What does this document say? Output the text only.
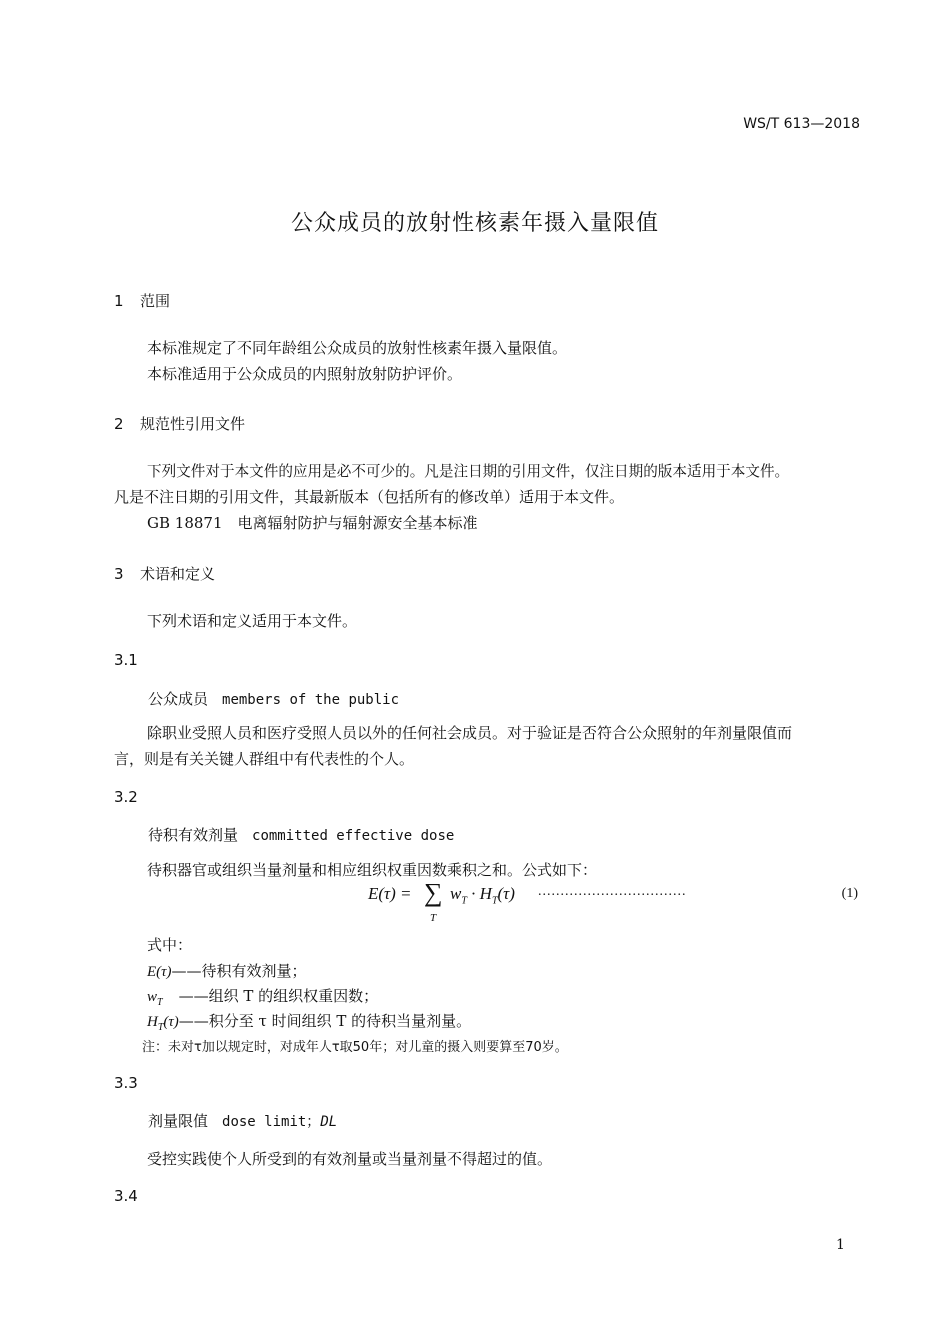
WS/T 613—2018
公众成员的放射性核素年摄入量限值
1 范围
本标准规定了不同年龄组公众成员的放射性核素年摄入量限值。
本标准适用于公众成员的内照射放射防护评价。
2 规范性引用文件
下列文件对于本文件的应用是必不可少的。凡是注日期的引用文件，仅注日期的版本适用于本文件。
凡是不注日期的引用文件，其最新版本（包括所有的修改单）适用于本文件。
GB 18871　电离辐射防护与辐射源安全基本标准
3 术语和定义
下列术语和定义适用于本文件。
3.1
公众成员 members of the public
除职业受照人员和医疗受照人员以外的任何社会成员。对于验证是否符合公众照射的年剂量限值而
言，则是有关关键人群组中有代表性的个人。
3.2
待积有效剂量 committed effective dose
待积器官或组织当量剂量和相应组织权重因数乘积之和。公式如下：
E(τ) = ∑
T
$w_T \cdot H_T(\tau)$ .................................	(1)
式中：
E(τ)——待积有效剂量；
$w_T$ ——组织 T 的组织权重因数；
$H_T(\tau)——$积分至 τ 时间组织 T 的待积当量剂量。
注：未对τ加以规定时，对成年人τ取50年；对儿童的摄入则要算至70岁。
3.3
剂量限值 dose limit；DL
受控实践使个人所受到的有效剂量或当量剂量不得超过的值。
3.4
1
